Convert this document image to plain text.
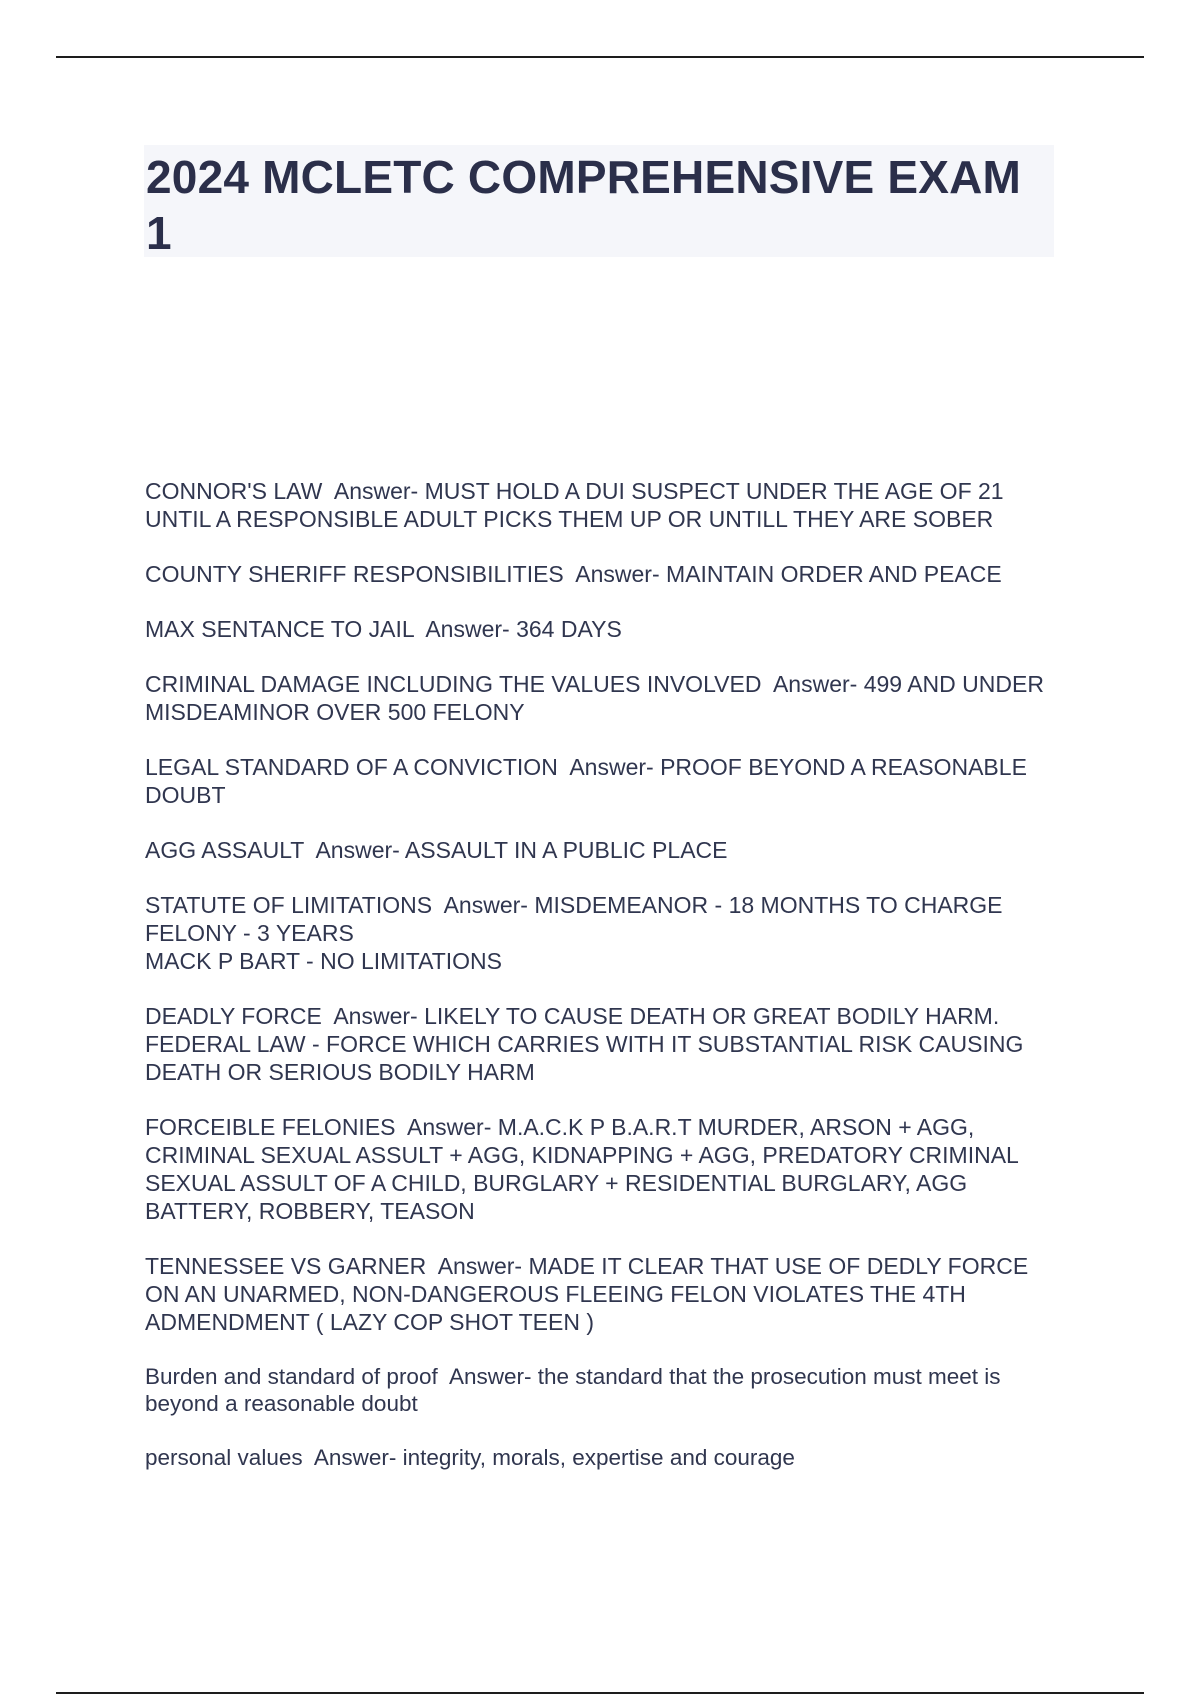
2024 MCLETC COMPREHENSIVE EXAM 1
CONNOR'S LAW  Answer- MUST HOLD A DUI SUSPECT UNDER THE AGE OF 21 UNTIL A RESPONSIBLE ADULT PICKS THEM UP OR UNTILL THEY ARE SOBER
COUNTY SHERIFF RESPONSIBILITIES  Answer- MAINTAIN ORDER AND PEACE
MAX SENTANCE TO JAIL  Answer- 364 DAYS
CRIMINAL DAMAGE INCLUDING THE VALUES INVOLVED  Answer- 499 AND UNDER MISDEAMINOR OVER 500 FELONY
LEGAL STANDARD OF A CONVICTION  Answer- PROOF BEYOND A REASONABLE DOUBT
AGG ASSAULT  Answer- ASSAULT IN A PUBLIC PLACE
STATUTE OF LIMITATIONS  Answer- MISDEMEANOR - 18 MONTHS TO CHARGE
FELONY - 3 YEARS
MACK P BART - NO LIMITATIONS
DEADLY FORCE  Answer- LIKELY TO CAUSE DEATH OR GREAT BODILY HARM. FEDERAL LAW - FORCE WHICH CARRIES WITH IT SUBSTANTIAL RISK CAUSING DEATH OR SERIOUS BODILY HARM
FORCEIBLE FELONIES  Answer- M.A.C.K P B.A.R.T MURDER, ARSON + AGG, CRIMINAL SEXUAL ASSULT + AGG, KIDNAPPING + AGG, PREDATORY CRIMINAL SEXUAL ASSULT OF A CHILD, BURGLARY + RESIDENTIAL BURGLARY, AGG BATTERY, ROBBERY, TEASON
TENNESSEE VS GARNER  Answer- MADE IT CLEAR THAT USE OF DEDLY FORCE ON AN UNARMED, NON-DANGEROUS FLEEING FELON VIOLATES THE 4TH ADMENDMENT ( LAZY COP SHOT TEEN )
Burden and standard of proof  Answer- the standard that the prosecution must meet is beyond a reasonable doubt
personal values  Answer- integrity, morals, expertise and courage
